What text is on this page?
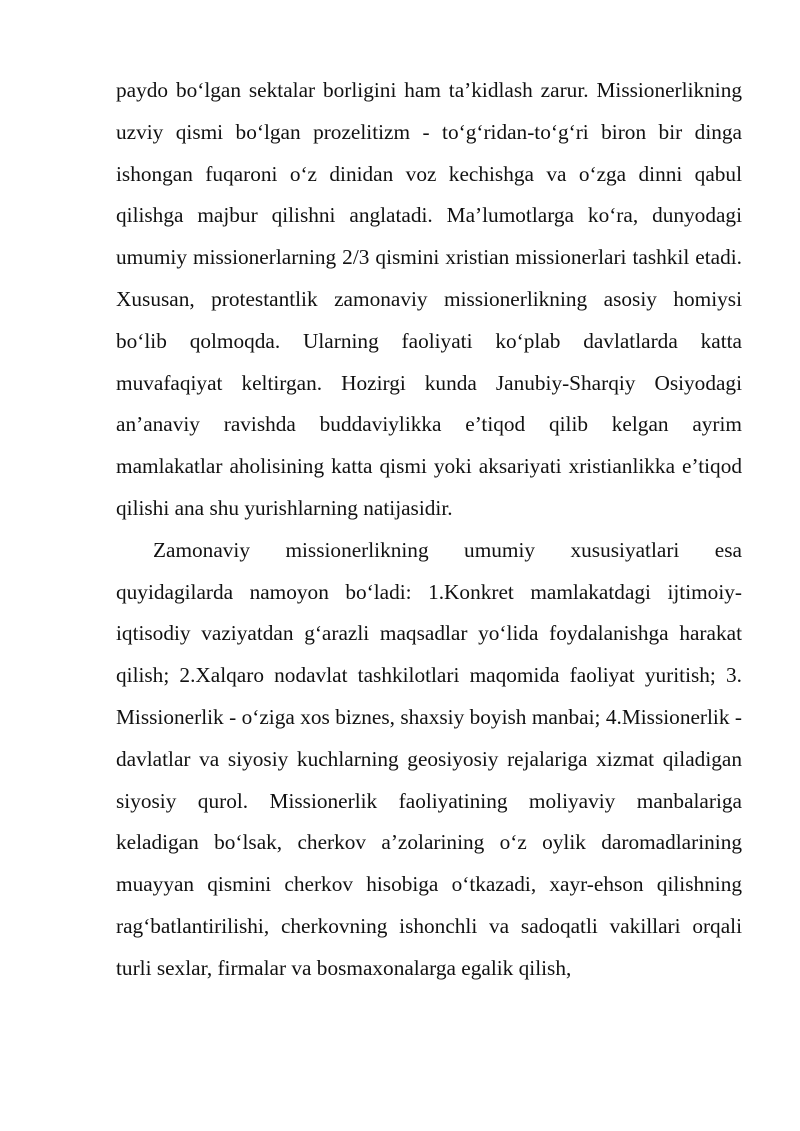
paydo bo‘lgan sektalar borligini ham ta’kidlash zarur. Missionerlikning uzviy qismi bo‘lgan prozelitizm - to‘g‘ridan-to‘g‘ri biron bir dinga ishongan fuqaroni o‘z dinidan voz kechishga va o‘zga dinni qabul qilishga majbur qilishni anglatadi. Ma’lumotlarga ko‘ra, dunyodagi umumiy missionerlarning 2/3 qismini xristian missionerlari tashkil etadi. Xususan, protestantlik zamonaviy missionerlikning asosiy homiysi bo‘lib qolmoqda. Ularning faoliyati ko‘plab davlatlarda katta muvafaqiyat keltirgan. Hozirgi kunda Janubiy-Sharqiy Osiyodagi an’anaviy ravishda buddaviylikka e’tiqod qilib kelgan ayrim mamlakatlar aholisining katta qismi yoki aksariyati xristianlikka e’tiqod qilishi ana shu yurishlarning natijasidir.

Zamonaviy missionerlikning umumiy xususiyatlari esa quyidagilarda namoyon bo‘ladi: 1.Konkret mamlakatdagi ijtimoiy-iqtisodiy vaziyatdan g‘arazli maqsadlar yo‘lida foydalanishga harakat qilish; 2.Xalqaro nodavlat tashkilotlari maqomida faoliyat yuritish; 3. Missionerlik - o‘ziga xos biznes, shaxsiy boyish manbai; 4.Missionerlik - davlatlar va siyosiy kuchlarning geosiyosiy rejalariga xizmat qiladigan siyosiy qurol. Missionerlik faoliyatining moliyaviy manbalariga keladigan bo‘lsak, cherkov a’zolarining o‘z oylik daromadlarining muayyan qismini cherkov hisobiga o‘tkazadi, xayr-ehson qilishning rag‘batlantirilishi, cherkovning ishonchli va sadoqatli vakillari orqali turli sexlar, firmalar va bosmaxonalarga egalik qilish,
